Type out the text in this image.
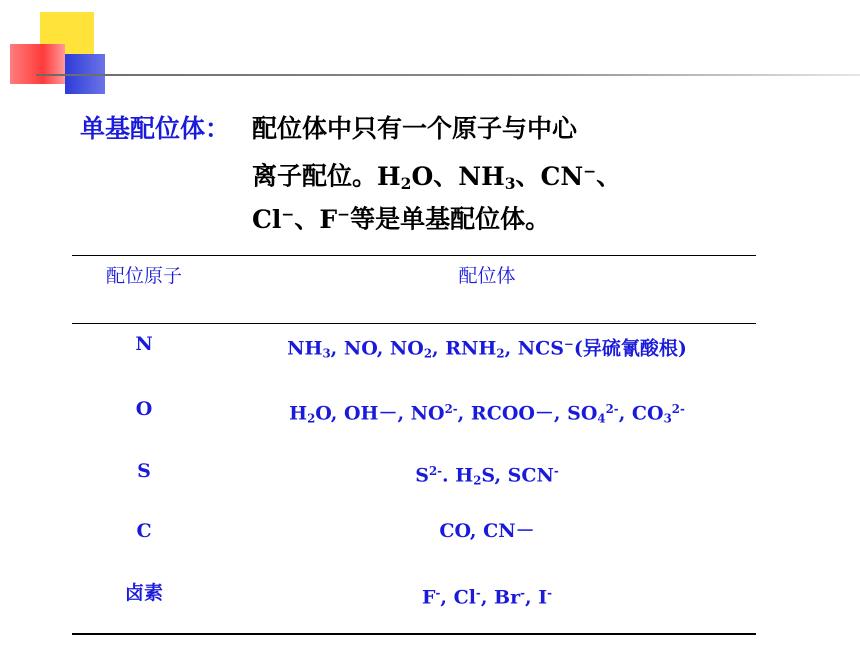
单基配位体： 配位体中只有一个原子与中心
离子配位。$H_2O$、$NH_3$、CN−、
Cl−、F−等是单基配位体。
配位原子	配位体
N	$NH_3$, NO, $NO_2$, $RNH_2$, NCS−(异硫氰酸根)
O	$H_2O$, OH－, $NO^{2-}$, RCOO－, $SO_4^{2-}$, $CO_3^{2-}$
S	$S^{2-}$. $H_2S$, SCN-
C	CO, CN－
卤素	F-, Cl-, Br-, I-
